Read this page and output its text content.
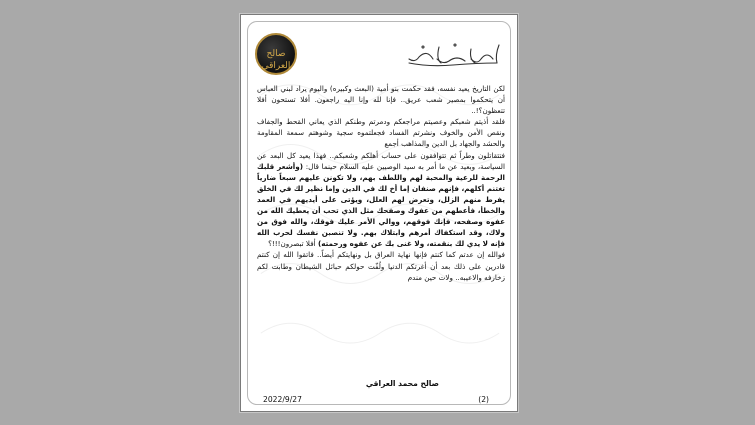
صالح العراقي
لكن التاريخ يعيد نفسه، فقد حكمت بنو أمية (البعث وكبيره) واليوم يراد لبني العباس أن يتحكموا بمصير شعب عريق.. فإنا لله وإنا اليه راجعون. أفلا تستحون أفلا تتعظون؟!..
فلقد أذيتم شعبكم وعصيتم مراجعكم ودمرتم وطنكم الذي يعاني القحط والجفاف ونقص الأمن والخوف ونشرتم الفساد فجعلتموه سجية وشوهتم سمعة المقاومة والحشد والجهاد بل الدين والمذاهب أجمع
فتتقاتلون وطراً ثم تتوافقون على حساب أهلكم وشعبكم.. فهذا يعيد كل البعد عن السياسة، وبعيد عن ما أمر به سيد الوصيين عليه السلام حينما قال: (وأشعر قلبك الرحمة للرعية والمحبة لهم واللطف بهم، ولا تكونن عليهم سبعاً ضارياً تغتنم أكلهم، فإنهم صنفان إما أخ لك في الدين وإما نظير لك في الخلق يفرط منهم الزلل، وتعرض لهم العلل، ويؤتى على أيديهم في العمد والخطأ، فأعطهم من عفوك وصفحك مثل الذي تحب أن يعطيك الله من عفوه وصفحه، فإنك فوقهم، ووالي الأمر عليك فوقك، والله فوق من ولاك، وقد استكفاك أمرهم وابتلاك بهم. ولا تنصبن نفسك لحرب الله فإنه لا يدي لك بنقمته، ولا غنى بك عن عفوه ورحمته) أفلا تبصرون!!!؟
فوالله إن عدتم كما كنتم فإنها نهاية العراق بل ونهايتكم أيضاً.. فاتقوا الله إن كنتم قادرين على ذلك بعد أن أغرتكم الدنيا ولُفّت حولكم حبائل الشيطان وطابت لكم زخارفه والاعيبه.. ولات حين مندم
صالح محمد العراقي
2022/9/27	(2)
